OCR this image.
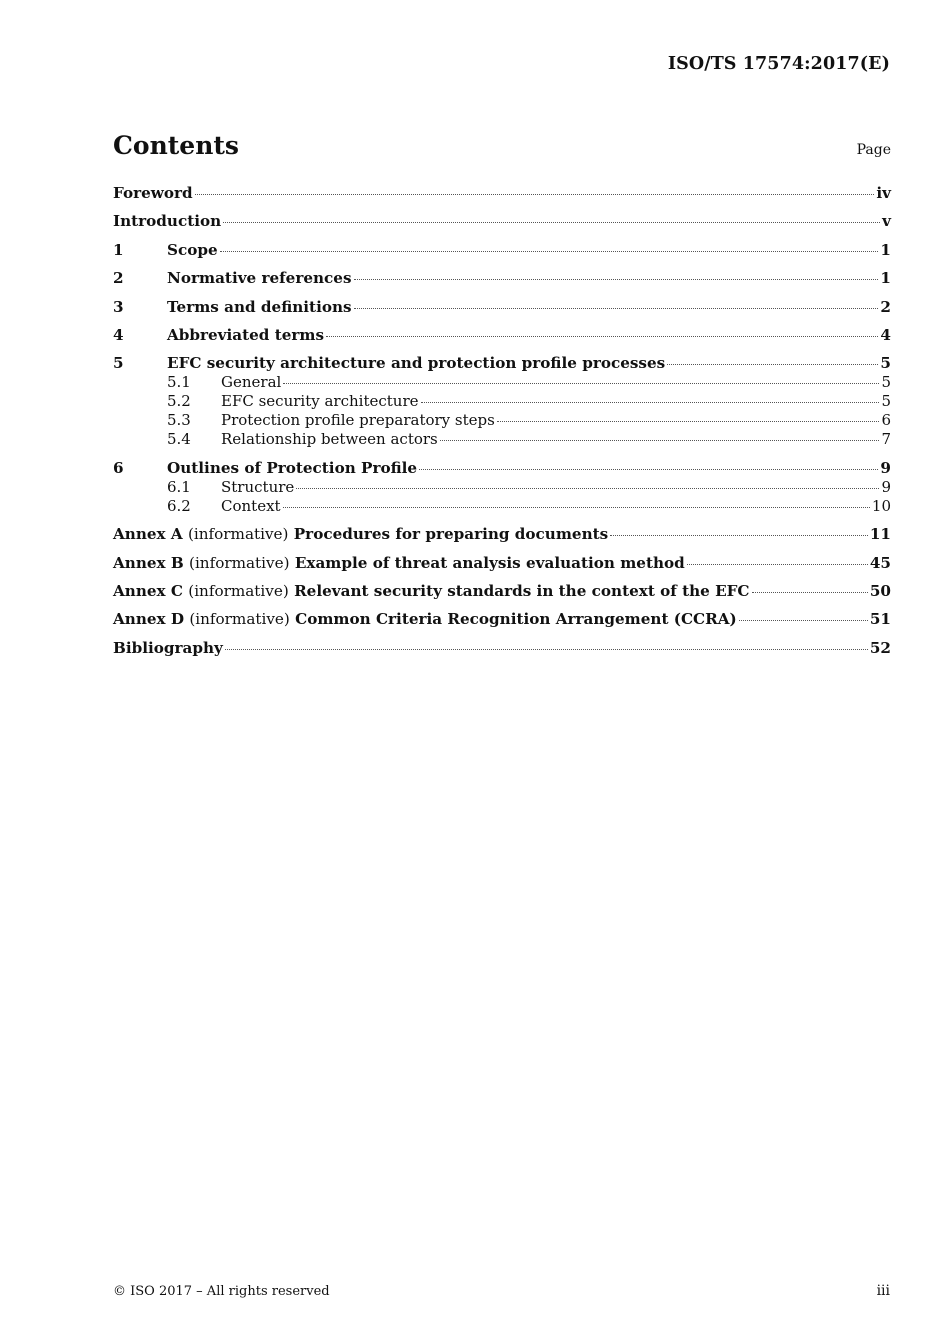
ISO/TS 17574:2017(E)
Contents	Page
Foreword	iv
Introduction	v
1	Scope	1
2	Normative references	1
3	Terms and definitions	2
4	Abbreviated terms	4
5	EFC security architecture and protection profile processes	5
5.1	General	5
5.2	EFC security architecture	5
5.3	Protection profile preparatory steps	6
5.4	Relationship between actors	7
6	Outlines of Protection Profile	9
6.1	Structure	9
6.2	Context	10
Annex A (informative) Procedures for preparing documents	11
Annex B (informative) Example of threat analysis evaluation method	45
Annex C (informative) Relevant security standards in the context of the EFC	50
Annex D (informative) Common Criteria Recognition Arrangement (CCRA)	51
Bibliography	52
© ISO 2017 – All rights reserved	iii
